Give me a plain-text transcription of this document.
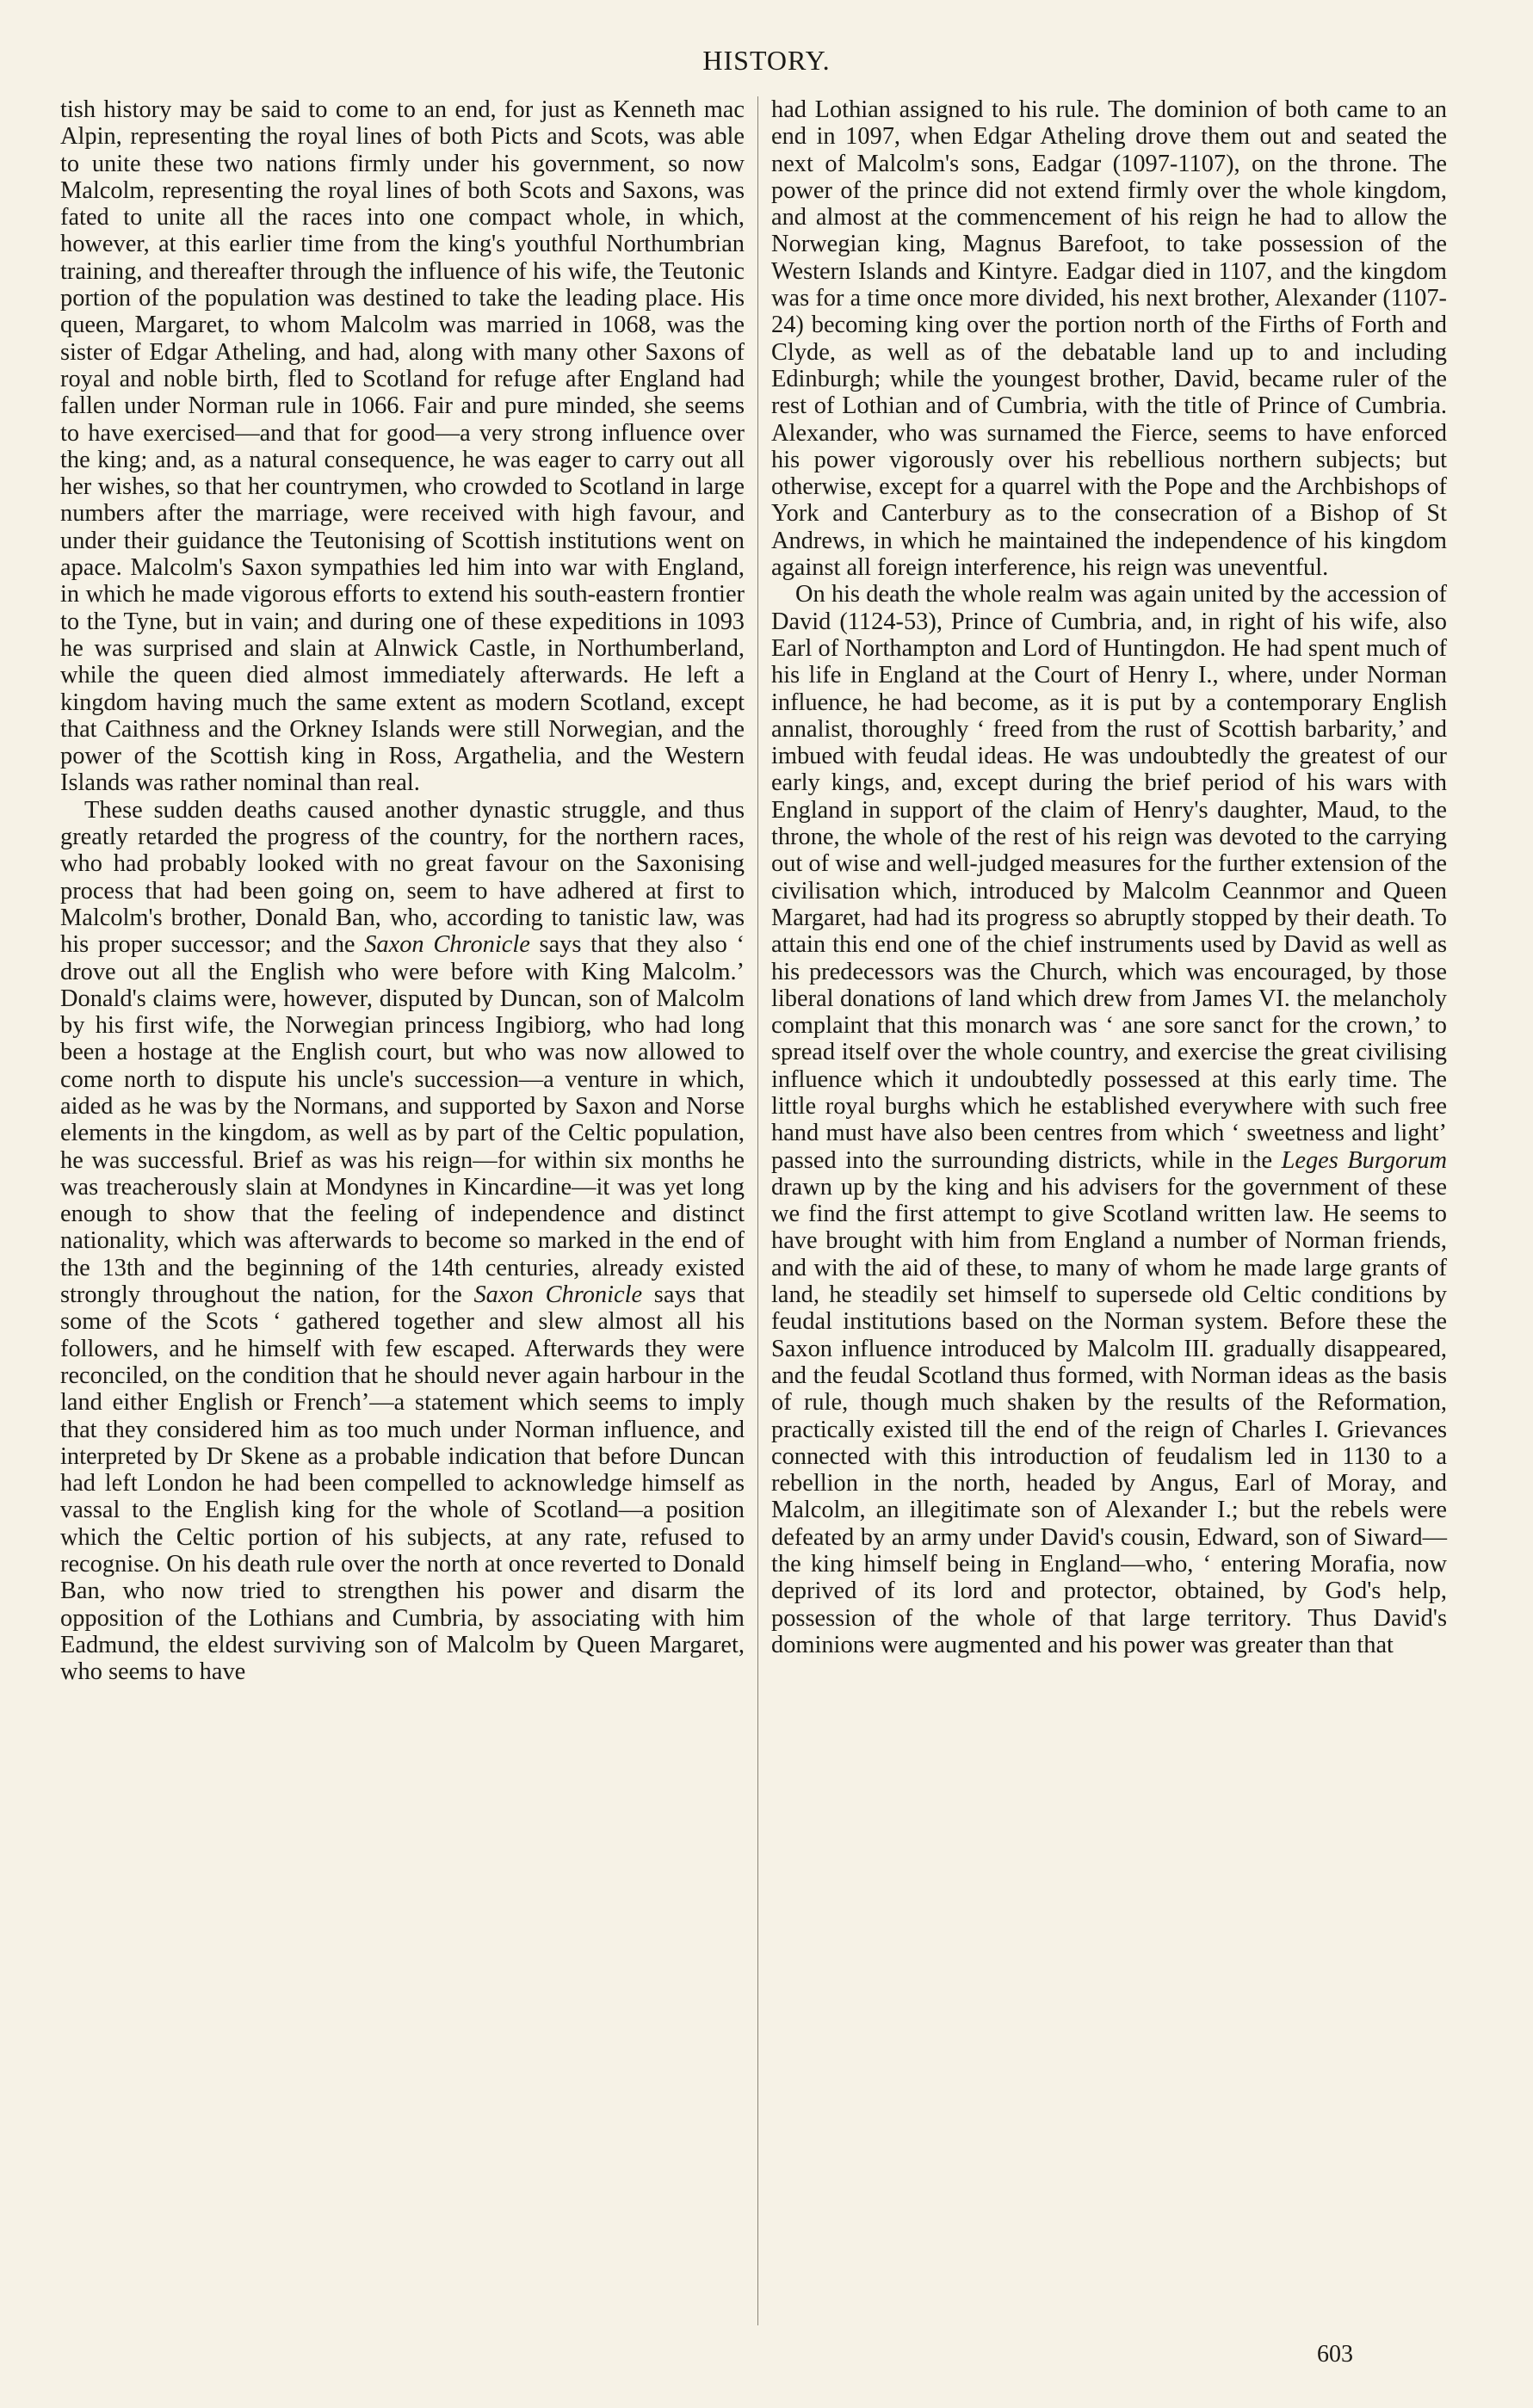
HISTORY.

tish history may be said to come to an end, for just as Kenneth mac Alpin, representing the royal lines of both Picts and Scots, was able to unite these two nations firmly under his government, so now Malcolm, representing the royal lines of both Scots and Saxons, was fated to unite all the races into one compact whole, in which, however, at this earlier time from the king's youthful Northumbrian training, and thereafter through the influence of his wife, the Teutonic portion of the population was destined to take the leading place. His queen, Margaret, to whom Malcolm was married in 1068, was the sister of Edgar Atheling, and had, along with many other Saxons of royal and noble birth, fled to Scotland for refuge after England had fallen under Norman rule in 1066. Fair and pure minded, she seems to have exercised—and that for good—a very strong influence over the king; and, as a natural consequence, he was eager to carry out all her wishes, so that her countrymen, who crowded to Scotland in large numbers after the marriage, were received with high favour, and under their guidance the Teutonising of Scottish institutions went on apace. Malcolm's Saxon sympathies led him into war with England, in which he made vigorous efforts to extend his south-eastern frontier to the Tyne, but in vain; and during one of these expeditions in 1093 he was surprised and slain at Alnwick Castle, in Northumberland, while the queen died almost immediately afterwards. He left a kingdom having much the same extent as modern Scotland, except that Caithness and the Orkney Islands were still Norwegian, and the power of the Scottish king in Ross, Argathelia, and the Western Islands was rather nominal than real.

These sudden deaths caused another dynastic struggle, and thus greatly retarded the progress of the country, for the northern races, who had probably looked with no great favour on the Saxonising process that had been going on, seem to have adhered at first to Malcolm's brother, Donald Ban, who, according to tanistic law, was his proper successor; and the Saxon Chronicle says that they also ‘ drove out all the English who were before with King Malcolm.’ Donald's claims were, however, disputed by Duncan, son of Malcolm by his first wife, the Norwegian princess Ingibiorg, who had long been a hostage at the English court, but who was now allowed to come north to dispute his uncle's succession—a venture in which, aided as he was by the Normans, and supported by Saxon and Norse elements in the kingdom, as well as by part of the Celtic population, he was successful. Brief as was his reign—for within six months he was treacherously slain at Mondynes in Kincardine—it was yet long enough to show that the feeling of independence and distinct nationality, which was afterwards to become so marked in the end of the 13th and the beginning of the 14th centuries, already existed strongly throughout the nation, for the Saxon Chronicle says that some of the Scots ‘ gathered together and slew almost all his followers, and he himself with few escaped. Afterwards they were reconciled, on the condition that he should never again harbour in the land either English or French’—a statement which seems to imply that they considered him as too much under Norman influence, and interpreted by Dr Skene as a probable indication that before Duncan had left London he had been compelled to acknowledge himself as vassal to the English king for the whole of Scotland—a position which the Celtic portion of his subjects, at any rate, refused to recognise. On his death rule over the north at once reverted to Donald Ban, who now tried to strengthen his power and disarm the opposition of the Lothians and Cumbria, by associating with him Eadmund, the eldest surviving son of Malcolm by Queen Margaret, who seems to have

had Lothian assigned to his rule. The dominion of both came to an end in 1097, when Edgar Atheling drove them out and seated the next of Malcolm's sons, Eadgar (1097-1107), on the throne. The power of the prince did not extend firmly over the whole kingdom, and almost at the commencement of his reign he had to allow the Norwegian king, Magnus Barefoot, to take possession of the Western Islands and Kintyre. Eadgar died in 1107, and the kingdom was for a time once more divided, his next brother, Alexander (1107-24) becoming king over the portion north of the Firths of Forth and Clyde, as well as of the debatable land up to and including Edinburgh; while the youngest brother, David, became ruler of the rest of Lothian and of Cumbria, with the title of Prince of Cumbria. Alexander, who was surnamed the Fierce, seems to have enforced his power vigorously over his rebellious northern subjects; but otherwise, except for a quarrel with the Pope and the Archbishops of York and Canterbury as to the consecration of a Bishop of St Andrews, in which he maintained the independence of his kingdom against all foreign interference, his reign was uneventful.

On his death the whole realm was again united by the accession of David (1124-53), Prince of Cumbria, and, in right of his wife, also Earl of Northampton and Lord of Huntingdon. He had spent much of his life in England at the Court of Henry I., where, under Norman influence, he had become, as it is put by a contemporary English annalist, thoroughly ‘ freed from the rust of Scottish barbarity,’ and imbued with feudal ideas. He was undoubtedly the greatest of our early kings, and, except during the brief period of his wars with England in support of the claim of Henry's daughter, Maud, to the throne, the whole of the rest of his reign was devoted to the carrying out of wise and well-judged measures for the further extension of the civilisation which, introduced by Malcolm Ceannmor and Queen Margaret, had had its progress so abruptly stopped by their death. To attain this end one of the chief instruments used by David as well as his predecessors was the Church, which was encouraged, by those liberal donations of land which drew from James VI. the melancholy complaint that this monarch was ‘ ane sore sanct for the crown,’ to spread itself over the whole country, and exercise the great civilising influence which it undoubtedly possessed at this early time. The little royal burghs which he established everywhere with such free hand must have also been centres from which ‘ sweetness and light’ passed into the surrounding districts, while in the Leges Burgorum drawn up by the king and his advisers for the government of these we find the first attempt to give Scotland written law. He seems to have brought with him from England a number of Norman friends, and with the aid of these, to many of whom he made large grants of land, he steadily set himself to supersede old Celtic conditions by feudal institutions based on the Norman system. Before these the Saxon influence introduced by Malcolm III. gradually disappeared, and the feudal Scotland thus formed, with Norman ideas as the basis of rule, though much shaken by the results of the Reformation, practically existed till the end of the reign of Charles I. Grievances connected with this introduction of feudalism led in 1130 to a rebellion in the north, headed by Angus, Earl of Moray, and Malcolm, an illegitimate son of Alexander I.; but the rebels were defeated by an army under David's cousin, Edward, son of Siward—the king himself being in England—who, ‘ entering Morafia, now deprived of its lord and protector, obtained, by God's help, possession of the whole of that large territory. Thus David's dominions were augmented and his power was greater than that

603
